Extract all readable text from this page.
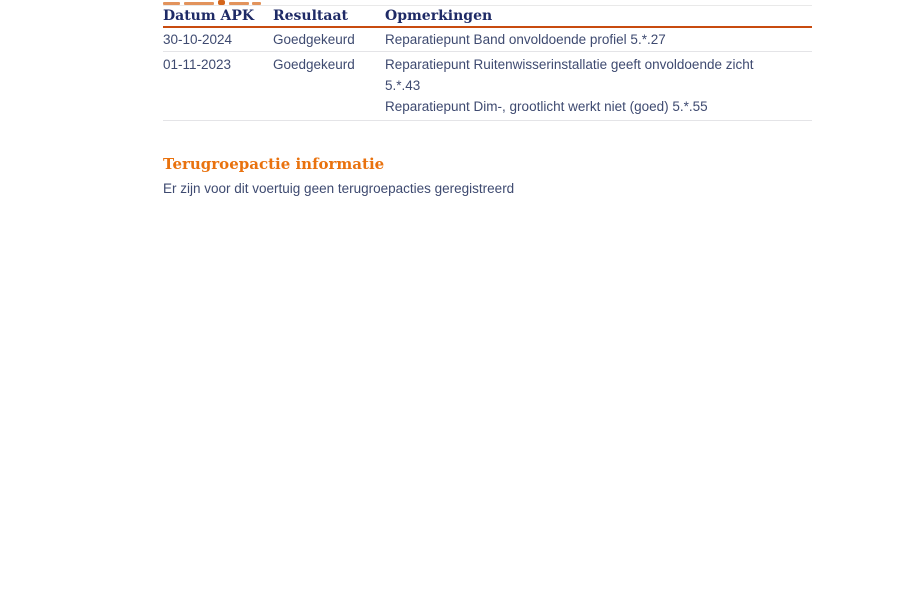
Datum APK	Resultaat	Opmerkingen
30-10-2024	Goedgekeurd	Reparatiepunt Band onvoldoende profiel 5.*.27

01-11-2023	Goedgekeurd	Reparatiepunt Ruitenwisserinstallatie geeft onvoldoende zicht 5.*.43

Reparatiepunt Dim-, grootlicht werkt niet (goed) 5.*.55

Terugroepactie informatie

Er zijn voor dit voertuig geen terugroepacties geregistreerd
